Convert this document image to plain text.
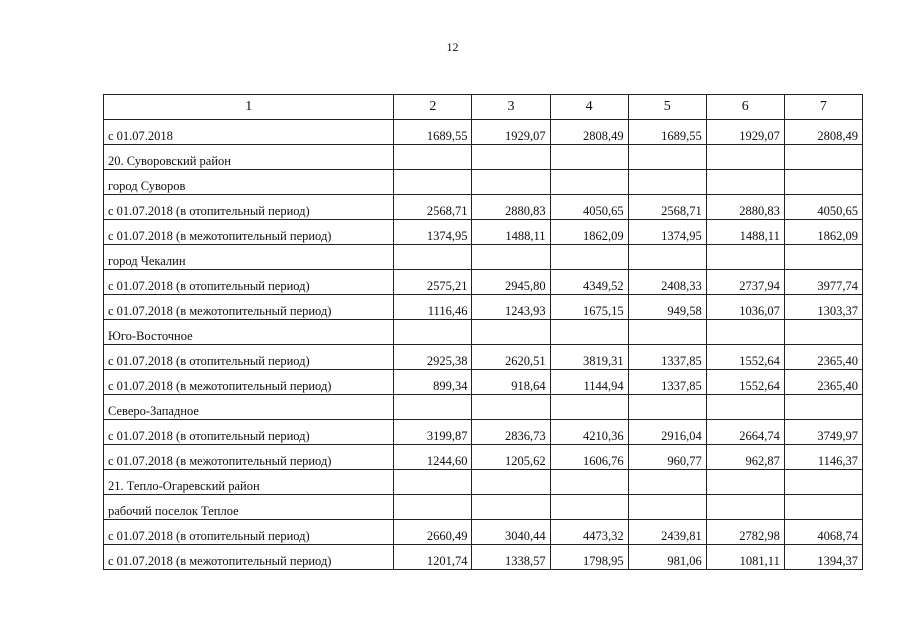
12
1	2	3	4	5	6	7
с 01.07.2018	1689,55	1929,07	2808,49	1689,55	1929,07	2808,49
20. Суворовский район						
город Суворов						
с 01.07.2018 (в отопительный период)	2568,71	2880,83	4050,65	2568,71	2880,83	4050,65
с 01.07.2018 (в межотопительный период)	1374,95	1488,11	1862,09	1374,95	1488,11	1862,09
город Чекалин						
с 01.07.2018 (в отопительный период)	2575,21	2945,80	4349,52	2408,33	2737,94	3977,74
с 01.07.2018 (в межотопительный период)	1116,46	1243,93	1675,15	949,58	1036,07	1303,37
Юго-Восточное						
с 01.07.2018 (в отопительный период)	2925,38	2620,51	3819,31	1337,85	1552,64	2365,40
с 01.07.2018 (в межотопительный период)	899,34	918,64	1144,94	1337,85	1552,64	2365,40
Северо-Западное						
с 01.07.2018 (в отопительный период)	3199,87	2836,73	4210,36	2916,04	2664,74	3749,97
с 01.07.2018 (в межотопительный период)	1244,60	1205,62	1606,76	960,77	962,87	1146,37
21. Тепло-Огаревский район						
рабочий поселок Теплое						
с 01.07.2018 (в отопительный период)	2660,49	3040,44	4473,32	2439,81	2782,98	4068,74
с 01.07.2018 (в межотопительный период)	1201,74	1338,57	1798,95	981,06	1081,11	1394,37
